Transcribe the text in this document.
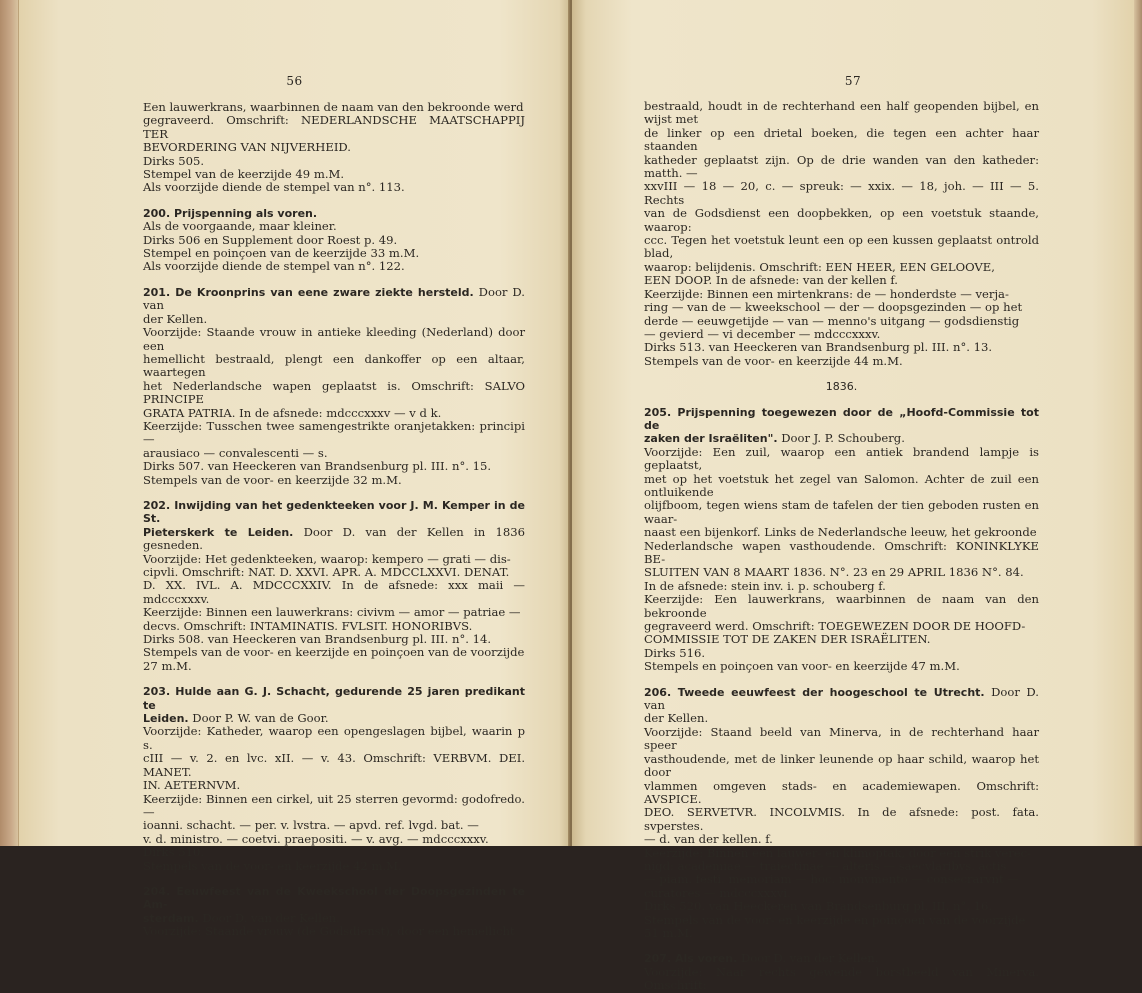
56

Een lauwerkrans, waarbinnen de naam van den bekroonde werd

gegraveerd. Omschrift: NEDERLANDSCHE MAATSCHAPPIJ TER

BEVORDERING VAN NIJVERHEID.

Dirks 505.

Stempel van de keerzijde 49 m.M.

Als voorzijde diende de stempel van n°. 113.

200. Prijspenning als voren.

Als de voorgaande, maar kleiner.

Dirks 506 en Supplement door Roest p. 49.

Stempel en poinçoen van de keerzijde 33 m.M.

Als voorzijde diende de stempel van n°. 122.

201. De Kroonprins van eene zware ziekte hersteld. Door D. van

der Kellen.

Voorzijde: Staande vrouw in antieke kleeding (Nederland) door een

hemellicht bestraald, plengt een dankoffer op een altaar, waartegen

het Nederlandsche wapen geplaatst is. Omschrift: SALVO PRINCIPE

GRATA PATRIA. In de afsnede: mdcccxxxv — v d k.

Keerzijde: Tusschen twee samengestrikte oranjetakken: principi —

arausiaco — convalescenti — s.

Dirks 507. van Heeckeren van Brandsenburg pl. III. n°. 15.

Stempels van de voor- en keerzijde 32 m.M.

202. Inwijding van het gedenkteeken voor J. M. Kemper in de St.

Pieterskerk te Leiden. Door D. van der Kellen in 1836 gesneden.

Voorzijde: Het gedenkteeken, waarop: kempero — grati — dis-

cipvli. Omschrift: NAT. D. XXVI. APR. A. MDCCLXXVI. DENAT.

D. XX. IVL. A. MDCCCXXIV. In de afsnede: xxx maii — mdcccxxxv.

Keerzijde: Binnen een lauwerkrans: civivm — amor — patriae —

decvs. Omschrift: INTAMINATIS. FVLSIT. HONORIBVS.

Dirks 508. van Heeckeren van Brandsenburg pl. III. n°. 14.

Stempels van de voor- en keerzijde en poinçoen van de voorzijde

27 m.M.

203. Hulde aan G. J. Schacht, gedurende 25 jaren predikant te

Leiden. Door P. W. van de Goor.

Voorzijde: Katheder, waarop een opengeslagen bijbel, waarin p s.

cIII — v. 2. en lvc. xII. — v. 43. Omschrift: VERBVM. DEI. MANET.

IN. AETERNVM.

Keerzijde: Binnen een cirkel, uit 25 sterren gevormd: godofredo. —

ioanni. schacht. — per. v. lvstra. — apvd. ref. lvgd. bat. —

v. d. ministro. — coetvi. praepositi. — v. avg. — mdcccxxxv.

Dirks 510.

Stempels van de voor- en keerzijde 42 m.M.

204. Eeuwfeest van de Kweekschool der Doopsgezinden te Am-

sterdam. Door D. van der Kellen.

Voorzijde: Staande vrouw (de Godsdienst), door een hemellicht

57

bestraald, houdt in de rechterhand een half geopenden bijbel, en wijst met

de linker op een drietal boeken, die tegen een achter haar staanden

katheder geplaatst zijn. Op de drie wanden van den katheder: matth. —

xxvIII — 18 — 20, c. — spreuk: — xxix. — 18, joh. — III — 5. Rechts

van de Godsdienst een doopbekken, op een voetstuk staande, waarop:

ccc. Tegen het voetstuk leunt een op een kussen geplaatst ontrold blad,

waarop: belijdenis. Omschrift: EEN HEER, EEN GELOOVE,

EEN DOOP. In de afsnede: van der kellen f.

Keerzijde: Binnen een mirtenkrans: de — honderdste — verja-

ring — van de — kweekschool — der — doopsgezinden — op het

derde — eeuwgetijde — van — menno's uitgang — godsdienstig

— gevierd — vi december — mdcccxxxv.

Dirks 513. van Heeckeren van Brandsenburg pl. III. n°. 13.

Stempels van de voor- en keerzijde 44 m.M.

1836.

205. Prijspenning toegewezen door de „Hoofd-Commissie tot de

zaken der Israëliten". Door J. P. Schouberg.

Voorzijde: Een zuil, waarop een antiek brandend lampje is geplaatst,

met op het voetstuk het zegel van Salomon. Achter de zuil een ontluikende

olijfboom, tegen wiens stam de tafelen der tien geboden rusten en waar-

naast een bijenkorf. Links de Nederlandsche leeuw, het gekroonde

Nederlandsche wapen vasthoudende. Omschrift: KONINKLYKE BE-

SLUITEN VAN 8 MAART 1836. N°. 23 en 29 APRIL 1836 N°. 84.

In de afsnede: stein inv. i. p. schouberg f.

Keerzijde: Een lauwerkrans, waarbinnen de naam van den bekroonde

gegraveerd werd. Omschrift: TOEGEWEZEN DOOR DE HOOFD-

COMMISSIE TOT DE ZAKEN DER ISRAËLITEN.

Dirks 516.

Stempels en poinçoen van voor- en keerzijde 47 m.M.

206. Tweede eeuwfeest der hoogeschool te Utrecht. Door D. van

der Kellen.

Voorzijde: Staand beeld van Minerva, in de rechterhand haar speer

vasthoudende, met de linker leunende op haar schild, waarop het door

vlammen omgeven stads- en academiewapen. Omschrift: AVSPICE.

DEO. SERVETVR. INCOLVMIS. In de afsnede: post. fata. svperstes.

— d. van der kellen. f.

Keerzijde: Binnen een lauwer- en klimoptak, door een strik verec-

nigd: academiae — traiectinae — alteris — saecvlaribvs. actis

— piam. festi. memoriam — hoc. monvmento — consecrarvnt —

curatores — mdcccxxxvi.

Dirks 520. van Heeckeren van Brandsenburg pl. III. n°. 16.

Stempels van de voor- en keerzijde en poinçoen van de voorzijde

51 m.M.

207. Als voren. Door D. van der Kellen.

Voorzijde: Naar rechts gewende borstbeeld van Minerva. Omschrift:
